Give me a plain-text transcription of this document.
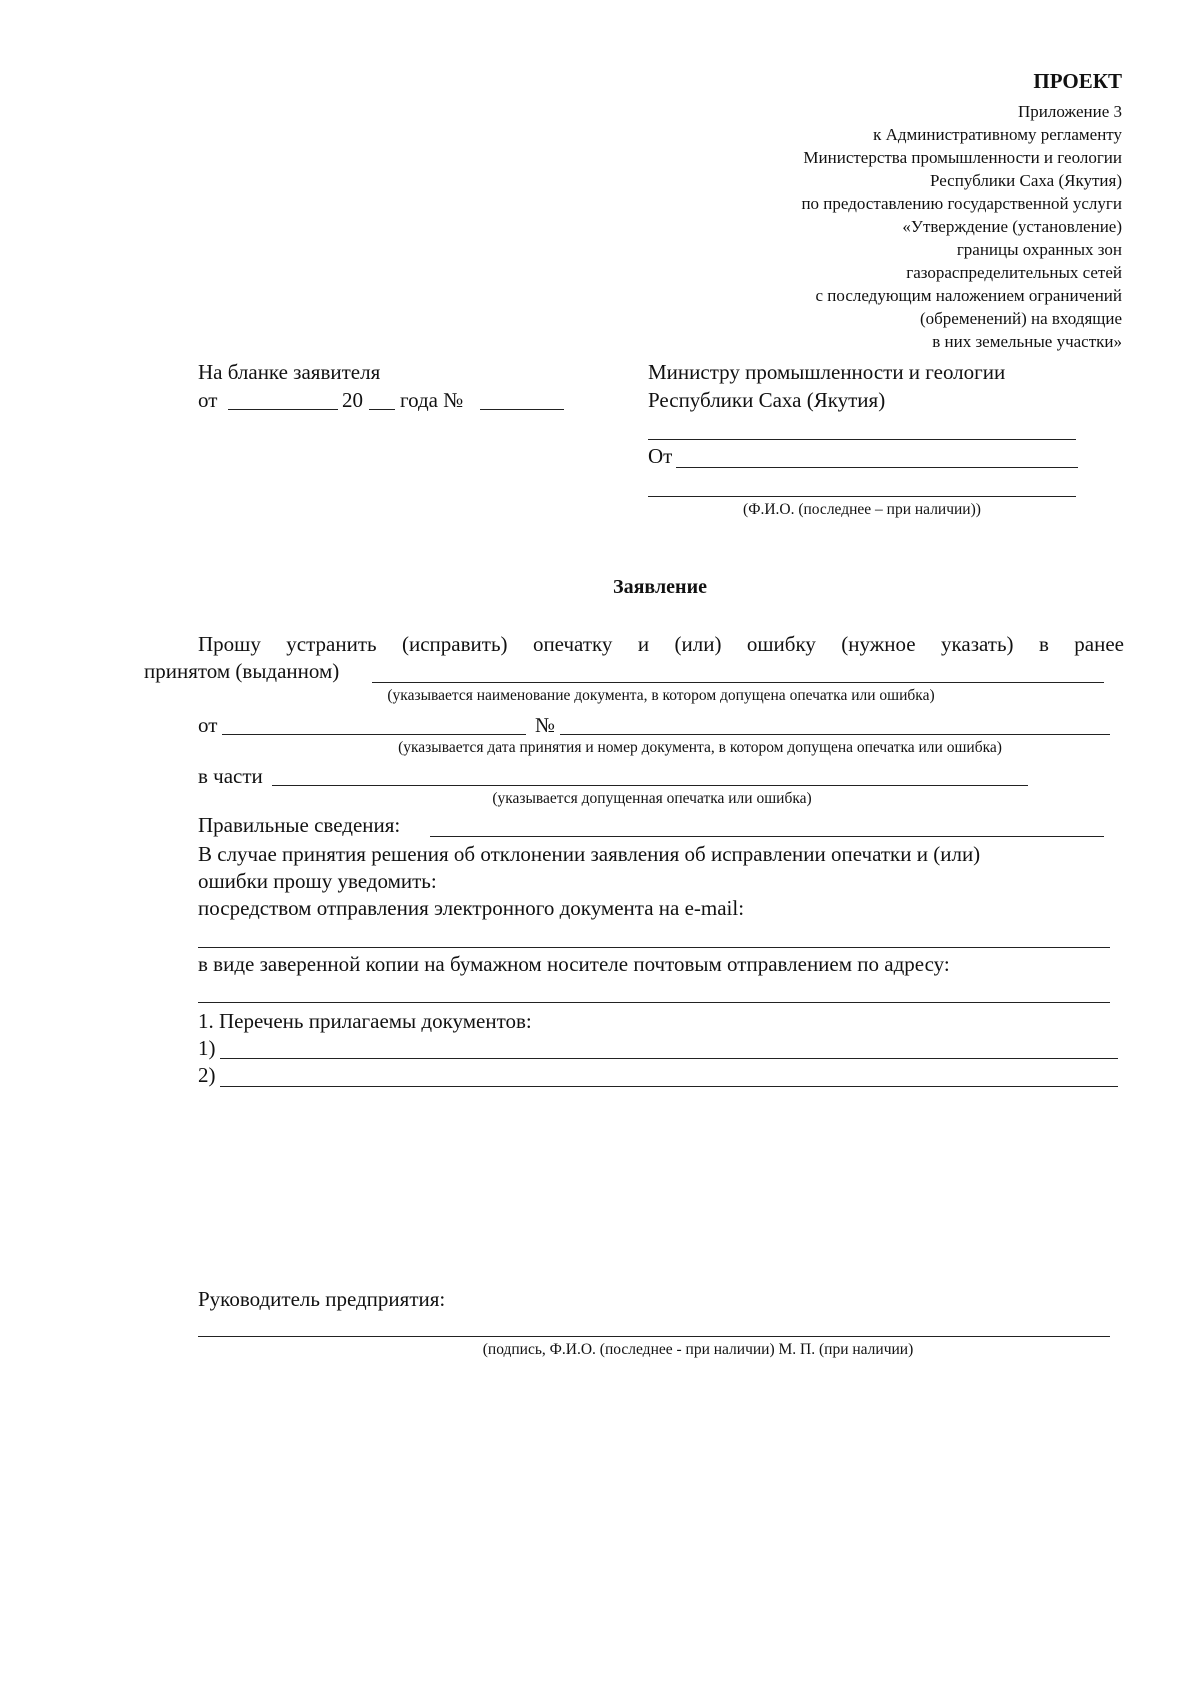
ПРОЕКТ
Приложение 3
к Административному регламенту
Министерства промышленности и геологии
Республики Саха (Якутия)
по предоставлению государственной услуги
«Утверждение (установление)
границы охранных зон
газораспределительных сетей
с последующим наложением ограничений
(обременений) на входящие
в них земельные участки»
На бланке заявителя
от	20 года №
Министру промышленности и геологии
Республики Саха (Якутия)
От
(Ф.И.О. (последнее – при наличии))
Заявление
Прошу устранить (исправить) опечатку и (или) ошибку (нужное указать) в ранее
принятом (выданном)
(указывается наименование документа, в котором допущена опечатка или ошибка)
от	№
(указывается дата принятия и номер документа, в котором допущена опечатка или ошибка)
в части
(указывается допущенная опечатка или ошибка)
Правильные сведения:
В случае принятия решения об отклонении заявления об исправлении опечатки и (или)
ошибки прошу уведомить:
посредством отправления электронного документа на e-mail:
в виде заверенной копии на бумажном носителе почтовым отправлением по адресу:
1. Перечень прилагаемы документов:
1)
2)
Руководитель предприятия:
(подпись, Ф.И.О. (последнее - при наличии) М. П. (при наличии)
